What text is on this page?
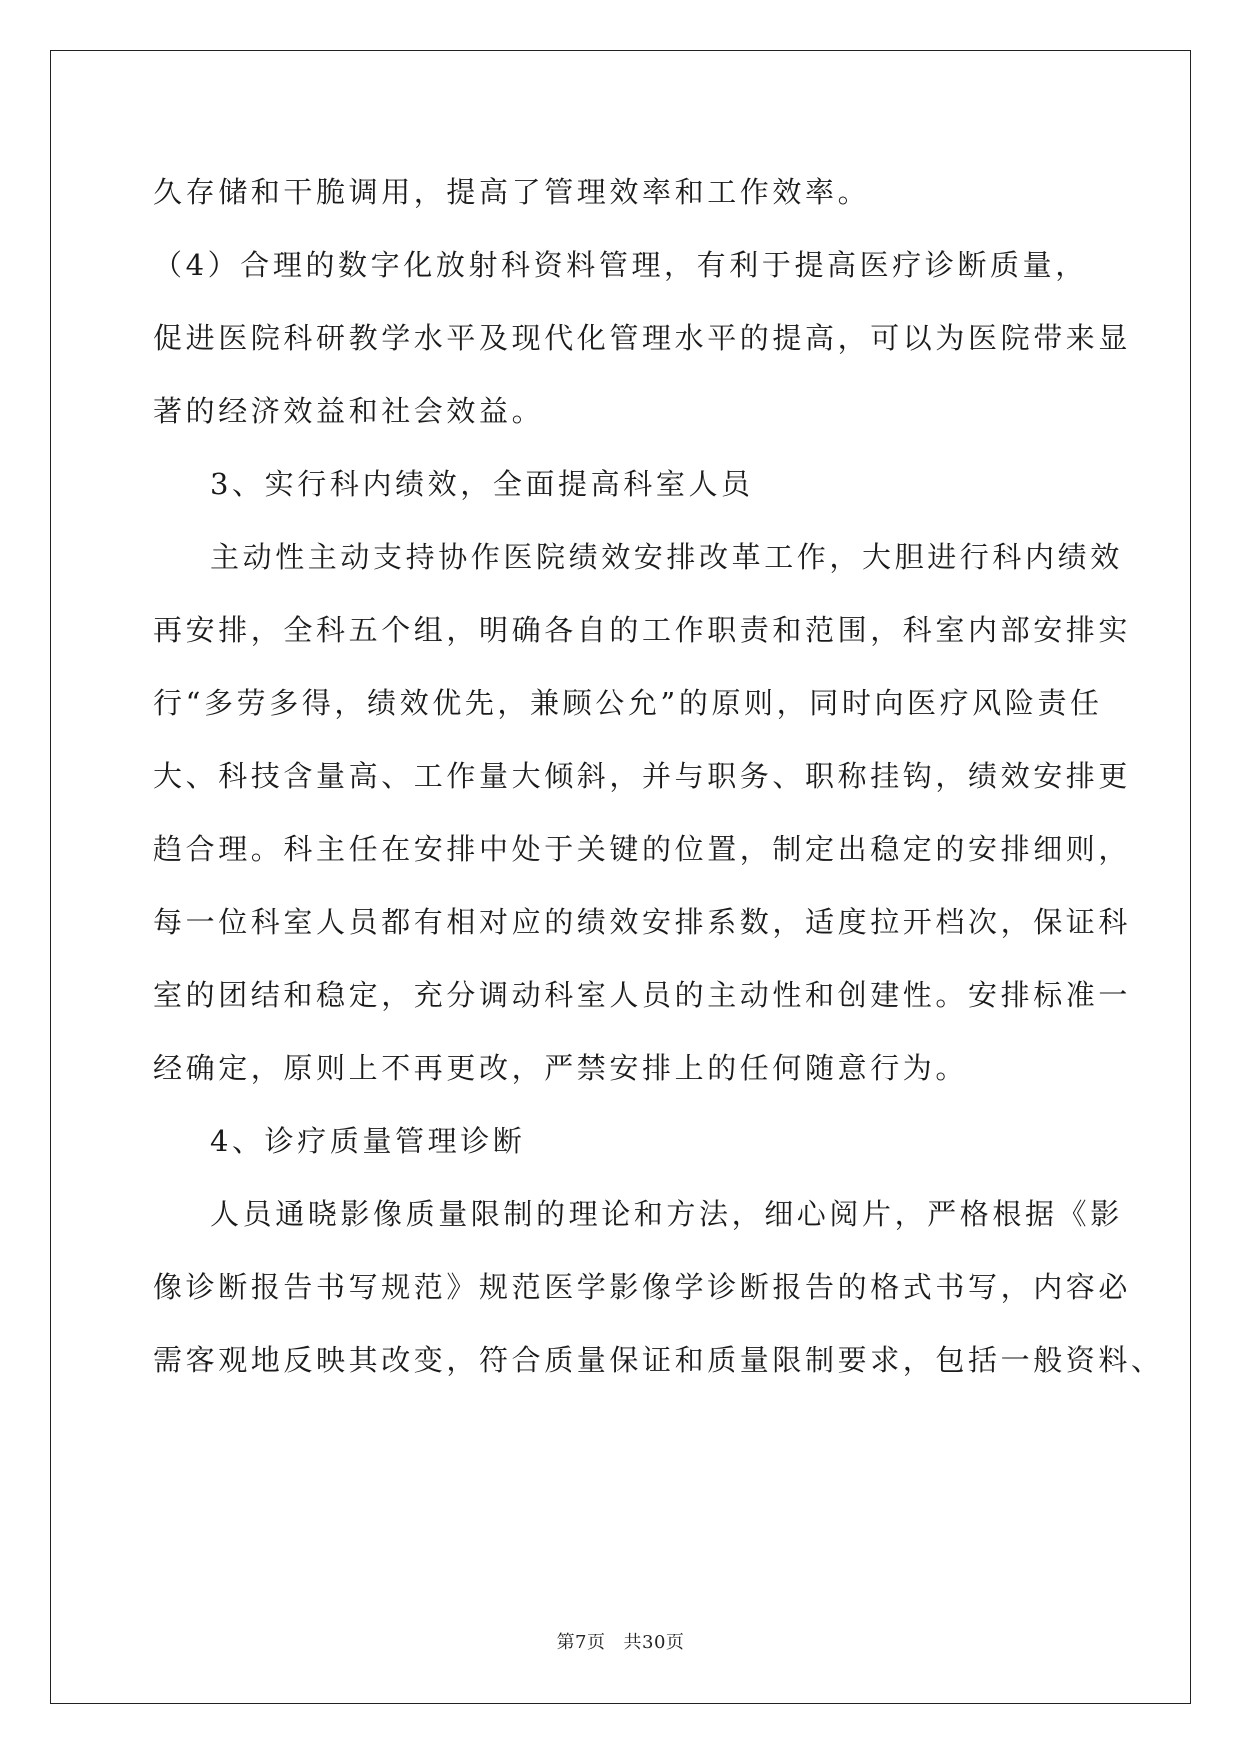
久存储和干脆调用，提高了管理效率和工作效率。
（4）合理的数字化放射科资料管理，有利于提高医疗诊断质量，
促进医院科研教学水平及现代化管理水平的提高，可以为医院带来显
著的经济效益和社会效益。
3、实行科内绩效，全面提高科室人员
主动性主动支持协作医院绩效安排改革工作，大胆进行科内绩效
再安排，全科五个组，明确各自的工作职责和范围，科室内部安排实
行“多劳多得，绩效优先，兼顾公允”的原则，同时向医疗风险责任
大、科技含量高、工作量大倾斜，并与职务、职称挂钩，绩效安排更
趋合理。科主任在安排中处于关键的位置，制定出稳定的安排细则，
每一位科室人员都有相对应的绩效安排系数，适度拉开档次，保证科
室的团结和稳定，充分调动科室人员的主动性和创建性。安排标准一
经确定，原则上不再更改，严禁安排上的任何随意行为。
4、诊疗质量管理诊断
人员通晓影像质量限制的理论和方法，细心阅片，严格根据《影
像诊断报告书写规范》规范医学影像学诊断报告的格式书写，内容必
需客观地反映其改变，符合质量保证和质量限制要求，包括一般资料、
第7页 共30页
